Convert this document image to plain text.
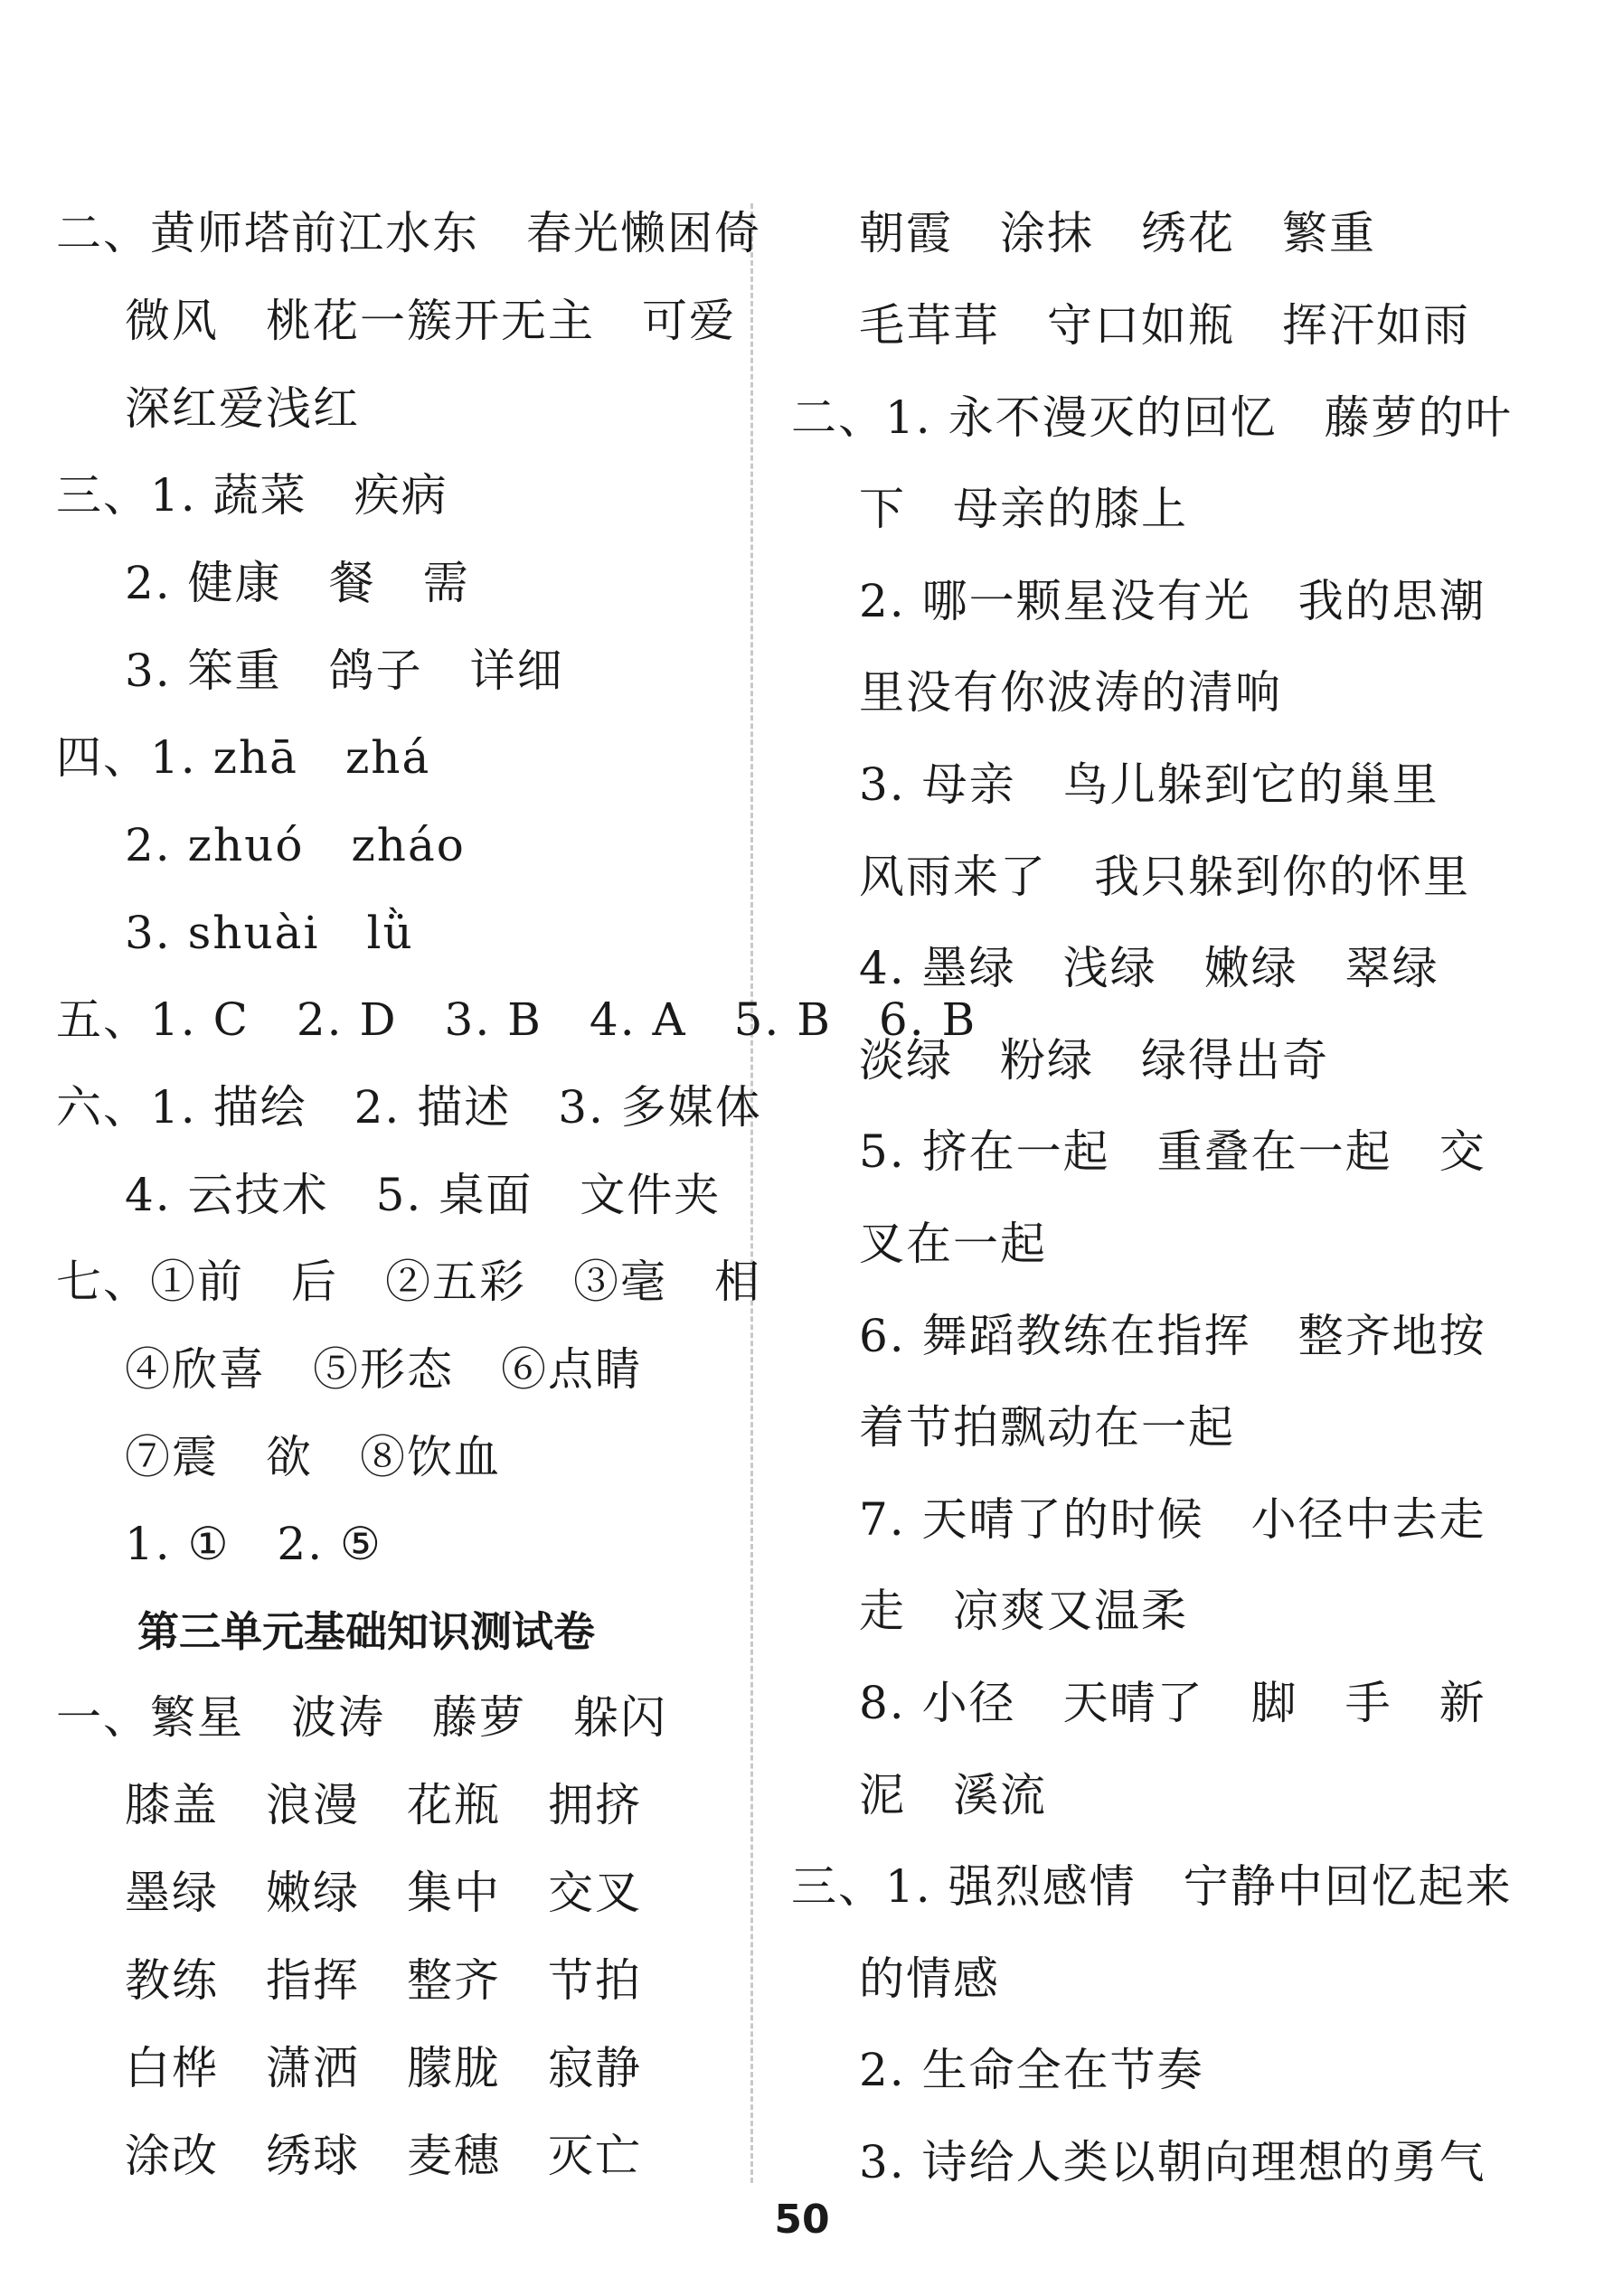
二、黄师塔前江水东　春光懒困倚
微风　桃花一簇开无主　可爱
深红爱浅红
三、1. 蔬菜　疾病
2. 健康　餐　需
3. 笨重　鸽子　详细
四、1. zhā　zhá
2. zhuó　zháo
3. shuài　lǜ
五、1. C　2. D　3. B　4. A　5. B　6. B
六、1. 描绘　2. 描述　3. 多媒体
4. 云技术　5. 桌面　文件夹
七、①前　后　②五彩　③毫　相
④欣喜　⑤形态　⑥点睛
⑦震　欲　⑧饮血
1. ①　2. ⑤
第三单元基础知识测试卷
一、繁星　波涛　藤萝　躲闪
膝盖　浪漫　花瓶　拥挤
墨绿　嫩绿　集中　交叉
教练　指挥　整齐　节拍
白桦　潇洒　朦胧　寂静
涂改　绣球　麦穗　灭亡
朝霞　涂抹　绣花　繁重
毛茸茸　守口如瓶　挥汗如雨
二、1. 永不漫灭的回忆　藤萝的叶
下　母亲的膝上
2. 哪一颗星没有光　我的思潮
里没有你波涛的清响
3. 母亲　鸟儿躲到它的巢里
风雨来了　我只躲到你的怀里
4. 墨绿　浅绿　嫩绿　翠绿
淡绿　粉绿　绿得出奇
5. 挤在一起　重叠在一起　交
叉在一起
6. 舞蹈教练在指挥　整齐地按
着节拍飘动在一起
7. 天晴了的时候　小径中去走
走　凉爽又温柔
8. 小径　天晴了　脚　手　新
泥　溪流
三、1. 强烈感情　宁静中回忆起来
的情感
2. 生命全在节奏
3. 诗给人类以朝向理想的勇气
50
